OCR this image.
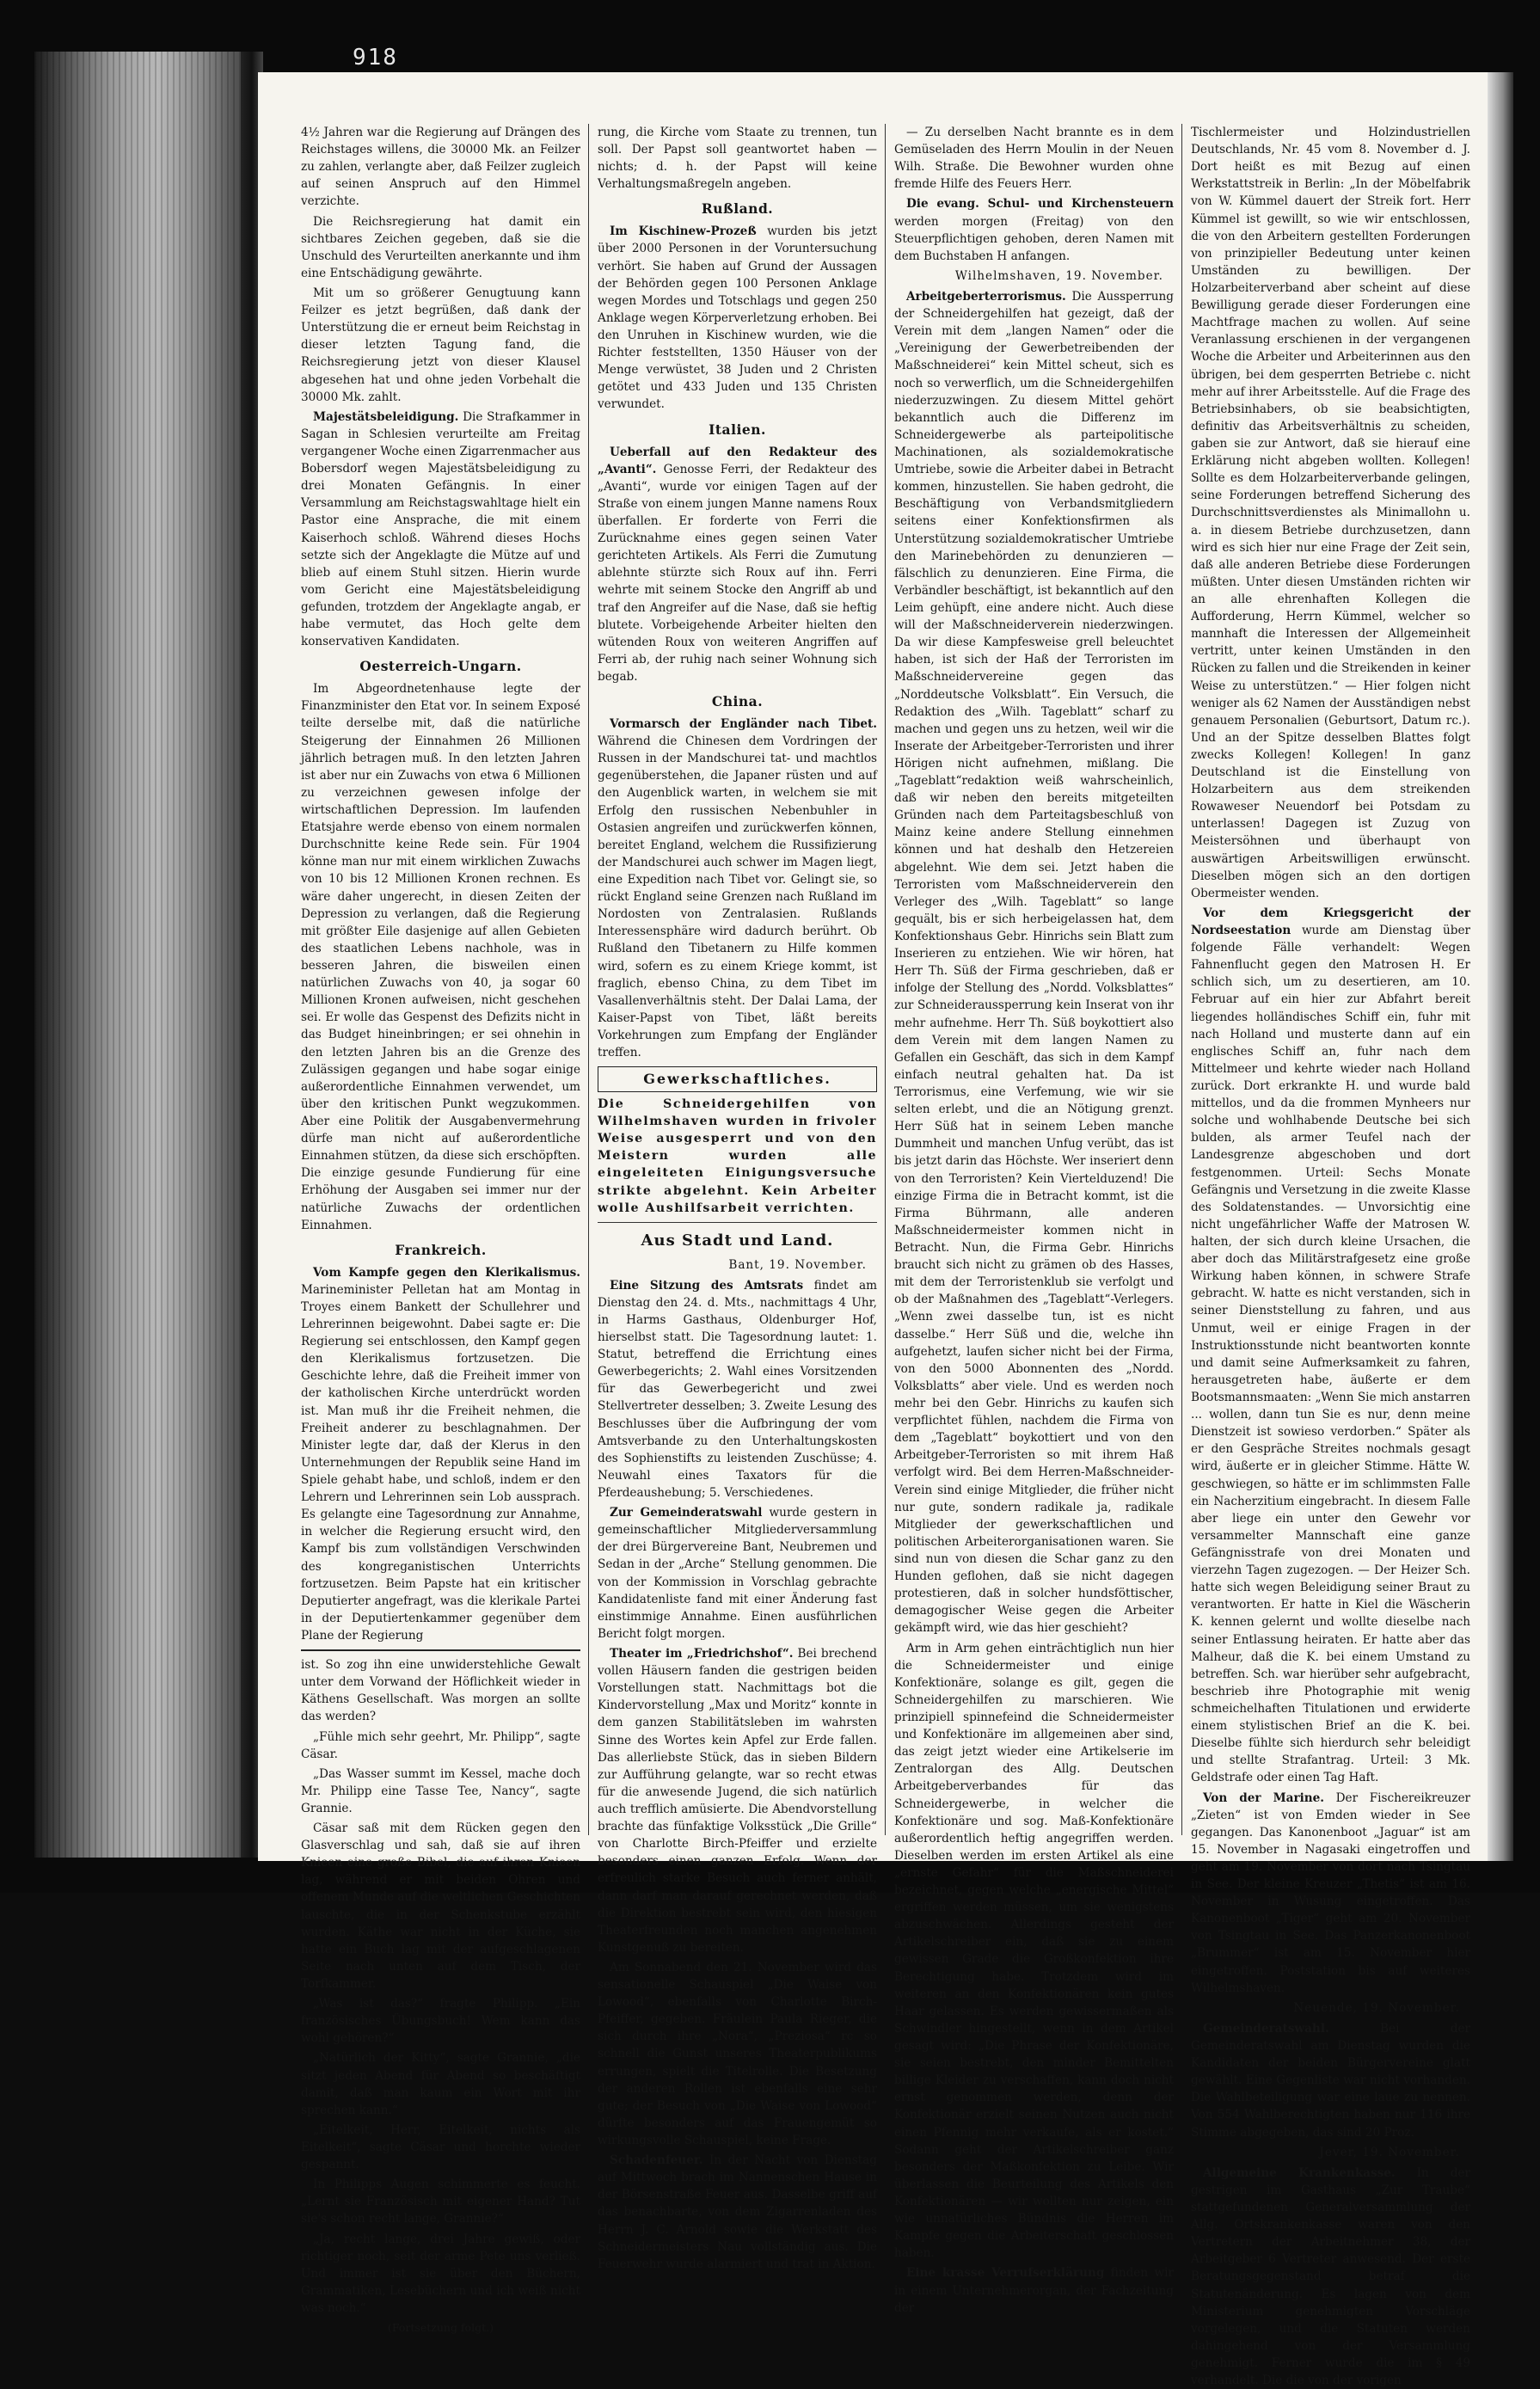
918

4½ Jahren war die Regierung auf Drängen des Reichstages willens, die 30000 Mk. an Feilzer zu zahlen, verlangte aber, daß Feilzer zugleich auf seinen Anspruch auf den Himmel verzichte.

Die Reichsregierung hat damit ein sichtbares Zeichen gegeben, daß sie die Unschuld des Verurteilten anerkannte und ihm eine Entschädigung gewährte.

Mit um so größerer Genugtuung kann Feilzer es jetzt begrüßen, daß dank der Unterstützung die er erneut beim Reichstag in dieser letzten Tagung fand, die Reichsregierung jetzt von dieser Klausel abgesehen hat und ohne jeden Vorbehalt die 30000 Mk. zahlt.

Majestätsbeleidigung. Die Strafkammer in Sagan in Schlesien verurteilte am Freitag vergangener Woche einen Zigarrenmacher aus Bobersdorf wegen Majestätsbeleidigung zu drei Monaten Gefängnis. In einer Versammlung am Reichstagswahltage hielt ein Pastor eine Ansprache, die mit einem Kaiserhoch schloß. Während dieses Hochs setzte sich der Angeklagte die Mütze auf und blieb auf einem Stuhl sitzen. Hierin wurde vom Gericht eine Majestätsbeleidigung gefunden, trotzdem der Angeklagte angab, er habe vermutet, das Hoch gelte dem konservativen Kandidaten.

Oesterreich-Ungarn.

Im Abgeordnetenhause legte der Finanzminister den Etat vor. In seinem Exposé teilte derselbe mit, daß die natürliche Steigerung der Einnahmen 26 Millionen jährlich betragen muß. In den letzten Jahren ist aber nur ein Zuwachs von etwa 6 Millionen zu verzeichnen gewesen infolge der wirtschaftlichen Depression. Im laufenden Etatsjahre werde ebenso von einem normalen Durchschnitte keine Rede sein. Für 1904 könne man nur mit einem wirklichen Zuwachs von 10 bis 12 Millionen Kronen rechnen. Es wäre daher ungerecht, in diesen Zeiten der Depression zu verlangen, daß die Regierung mit größter Eile dasjenige auf allen Gebieten des staatlichen Lebens nachhole, was in besseren Jahren, die bisweilen einen natürlichen Zuwachs von 40, ja sogar 60 Millionen Kronen aufweisen, nicht geschehen sei. Er wolle das Gespenst des Defizits nicht in das Budget hineinbringen; er sei ohnehin in den letzten Jahren bis an die Grenze des Zulässigen gegangen und habe sogar einige außerordentliche Einnahmen verwendet, um über den kritischen Punkt wegzukommen. Aber eine Politik der Ausgabenvermehrung dürfe man nicht auf außerordentliche Einnahmen stützen, da diese sich erschöpften. Die einzige gesunde Fundierung für eine Erhöhung der Ausgaben sei immer nur der natürliche Zuwachs der ordentlichen Einnahmen.

Frankreich.

Vom Kampfe gegen den Klerikalismus. Marineminister Pelletan hat am Montag in Troyes einem Bankett der Schullehrer und Lehrerinnen beigewohnt. Dabei sagte er: Die Regierung sei entschlossen, den Kampf gegen den Klerikalismus fortzusetzen. Die Geschichte lehre, daß die Freiheit immer von der katholischen Kirche unterdrückt worden ist. Man muß ihr die Freiheit nehmen, die Freiheit anderer zu beschlagnahmen. Der Minister legte dar, daß der Klerus in den Unternehmungen der Republik seine Hand im Spiele gehabt habe, und schloß, indem er den Lehrern und Lehrerinnen sein Lob aussprach. Es gelangte eine Tagesordnung zur Annahme, in welcher die Regierung ersucht wird, den Kampf bis zum vollständigen Verschwinden des kongreganistischen Unterrichts fortzusetzen. Beim Papste hat ein kritischer Deputierter angefragt, was die klerikale Partei in der Deputiertenkammer gegenüber dem Plane der Regierung

ist. So zog ihn eine unwiderstehliche Gewalt unter dem Vorwand der Höflichkeit wieder in Käthens Gesellschaft. Was morgen an sollte das werden?

„Fühle mich sehr geehrt, Mr. Philipp“, sagte Cäsar.

„Das Wasser summt im Kessel, mache doch Mr. Philipp eine Tasse Tee, Nancy“, sagte Grannie.

Cäsar saß mit dem Rücken gegen den Glasverschlag und sah, daß sie auf ihren Knieen eine große Bibel, die auf ihren Knieen lag, während er mit beiden Ohren und offenem Munde auf die weltlichen Geschichten lauschte, die in der Schenkstube erzählt wurden. Käthe war nicht in der Küche, sie hatte ein Buch lag mit der aufgeschlagenen Seite nach unten auf dem Tisch, der Torfkammer.

„Was ist das?“ fragte Philipp. „Ein französisches Übungsbuch! Wem kann das wohl gehören?“

„Natürlich der Kitty“, sagte Grannie, „die sitzt jeden Abend für Abend so beschäftigt damit, daß man kaum ein Wort mit ihr sprechen kann.“

„Eitelkeit, Herr, Eitelkeit, nichts als Eitelkeit“, sagte Cäsar und horchte wieder gespannt.

In Philipps Augen schimmerte es feucht. „Lernt sie Französisch mit eigener Hand? Tut sie's schon recht lange, Grannie?“

„Ja, recht lange, drei Jahre gewiß, oder richtiger noch, seit der arme Pete uns verließ. Und immer ist sie über den Büchern, Grammatiken, Lesebüchern und ich weiß nicht was noch.“

(Fortsetzung folgt.)

rung, die Kirche vom Staate zu trennen, tun soll. Der Papst soll geantwortet haben — nichts; d. h. der Papst will keine Verhaltungsmaßregeln angeben.

Rußland.

Im Kischinew-Prozeß wurden bis jetzt über 2000 Personen in der Voruntersuchung verhört. Sie haben auf Grund der Aussagen der Behörden gegen 100 Personen Anklage wegen Mordes und Totschlags und gegen 250 Anklage wegen Körperverletzung erhoben. Bei den Unruhen in Kischinew wurden, wie die Richter feststellten, 1350 Häuser von der Menge verwüstet, 38 Juden und 2 Christen getötet und 433 Juden und 135 Christen verwundet.

Italien.

Ueberfall auf den Redakteur des „Avanti“. Genosse Ferri, der Redakteur des „Avanti“, wurde vor einigen Tagen auf der Straße von einem jungen Manne namens Roux überfallen. Er forderte von Ferri die Zurücknahme eines gegen seinen Vater gerichteten Artikels. Als Ferri die Zumutung ablehnte stürzte sich Roux auf ihn. Ferri wehrte mit seinem Stocke den Angriff ab und traf den Angreifer auf die Nase, daß sie heftig blutete. Vorbeigehende Arbeiter hielten den wütenden Roux von weiteren Angriffen auf Ferri ab, der ruhig nach seiner Wohnung sich begab.

China.

Vormarsch der Engländer nach Tibet. Während die Chinesen dem Vordringen der Russen in der Mandschurei tat- und machtlos gegenüberstehen, die Japaner rüsten und auf den Augenblick warten, in welchem sie mit Erfolg den russischen Nebenbuhler in Ostasien angreifen und zurückwerfen können, bereitet England, welchem die Russifizierung der Mandschurei auch schwer im Magen liegt, eine Expedition nach Tibet vor. Gelingt sie, so rückt England seine Grenzen nach Rußland im Nordosten von Zentralasien. Rußlands Interessensphäre wird dadurch berührt. Ob Rußland den Tibetanern zu Hilfe kommen wird, sofern es zu einem Kriege kommt, ist fraglich, ebenso China, zu dem Tibet im Vasallenverhältnis steht. Der Dalai Lama, der Kaiser-Papst von Tibet, läßt bereits Vorkehrungen zum Empfang der Engländer treffen.

Gewerkschaftliches.
Die Schneidergehilfen von Wilhelmshaven wurden in frivoler Weise ausgesperrt und von den Meistern wurden alle eingeleiteten Einigungsversuche strikte abgelehnt. Kein Arbeiter wolle Aushilfsarbeit verrichten.
Aus Stadt und Land.
Bant, 19. November.

Eine Sitzung des Amtsrats findet am Dienstag den 24. d. Mts., nachmittags 4 Uhr, in Harms Gasthaus, Oldenburger Hof, hierselbst statt. Die Tagesordnung lautet: 1. Statut, betreffend die Errichtung eines Gewerbegerichts; 2. Wahl eines Vorsitzenden für das Gewerbegericht und zwei Stellvertreter desselben; 3. Zweite Lesung des Beschlusses über die Aufbringung der vom Amtsverbande zu den Unterhaltungskosten des Sophienstifts zu leistenden Zuschüsse; 4. Neuwahl eines Taxators für die Pferdeaushebung; 5. Verschiedenes.

Zur Gemeinderatswahl wurde gestern in gemeinschaftlicher Mitgliederversammlung der drei Bürgervereine Bant, Neubremen und Sedan in der „Arche“ Stellung genommen. Die von der Kommission in Vorschlag gebrachte Kandidatenliste fand mit einer Änderung fast einstimmige Annahme. Einen ausführlichen Bericht folgt morgen.

Theater im „Friedrichshof“. Bei brechend vollen Häusern fanden die gestrigen beiden Vorstellungen statt. Nachmittags bot die Kindervorstellung „Max und Moritz“ konnte in dem ganzen Stabilitätsleben im wahrsten Sinne des Wortes kein Apfel zur Erde fallen. Das allerliebste Stück, das in sieben Bildern zur Aufführung gelangte, war so recht etwas für die anwesende Jugend, die sich natürlich auch trefflich amüsierte. Die Abendvorstellung brachte das fünfaktige Volksstück „Die Grille“ von Charlotte Birch-Pfeiffer und erzielte besonders einen ganzen Erfolg. Wenn der erfreulich starke Besuch auch ferner anhält, dann darf man darauf gerechnet werden, daß die Direktion bestrebt sein wird, den hiesigen Theaterfreunden noch manchen angenehmen Kunstgenuß zu bereiten.

Am Sonnabend den 21. November wird das sensationelle Schauspiel „Die Waise von Lowood“, ebenfalls von Charlotte Birch-Pfeiffer, gegeben. Fräulein Paula Rieger, die sich durch ihre „Nora“, „Preziosa“ rc so schnell die Gunst unseres Theaterpublikums errungen, spielt die Titelrolle. Die Besetzung der anderen Rollen ist ebenfalls eine sehr gute; der Besuch von „Die Waise von Lowood“ dürfte besonders auf das Frauengemüt so wirkungsvolle Schauspiel, keine Frage.

Schadenfeuer. In der Nacht von Dienstag auf Mittwoch brach im Nannenschen Hause in der Börsenstraße Feuer aus. Dasselbe griff auf das benachbarte, von dem Zigarrenladen des Herrn J. C. Arnold sowie die Werkstatt des Schneidermeisters Nau vollständig aus. Die Feuerwehr wurde alarmiert und trat in Aktion.

— Zu derselben Nacht brannte es in dem Gemüseladen des Herrn Moulin in der Neuen Wilh. Straße. Die Bewohner wurden ohne fremde Hilfe des Feuers Herr.

Die evang. Schul- und Kirchensteuern werden morgen (Freitag) von den Steuerpflichtigen gehoben, deren Namen mit dem Buchstaben H anfangen.

Wilhelmshaven, 19. November.

Arbeitgeberterrorismus. Die Aussperrung der Schneidergehilfen hat gezeigt, daß der Verein mit dem „langen Namen“ oder die „Vereinigung der Gewerbetreibenden der Maßschneiderei“ kein Mittel scheut, sich es noch so verwerflich, um die Schneidergehilfen niederzuzwingen. Zu diesem Mittel gehört bekanntlich auch die Differenz im Schneidergewerbe als parteipolitische Machinationen, als sozialdemokratische Umtriebe, sowie die Arbeiter dabei in Betracht kommen, hinzustellen. Sie haben gedroht, die Beschäftigung von Verbandsmitgliedern seitens einer Konfektionsfirmen als Unterstützung sozialdemokratischer Umtriebe den Marinebehörden zu denunzieren — fälschlich zu denunzieren. Eine Firma, die Verbändler beschäftigt, ist bekanntlich auf den Leim gehüpft, eine andere nicht. Auch diese will der Maßschneiderverein niederzwingen. Da wir diese Kampfesweise grell beleuchtet haben, ist sich der Haß der Terroristen im Maßschneidervereine gegen das „Norddeutsche Volksblatt“. Ein Versuch, die Redaktion des „Wilh. Tageblatt“ scharf zu machen und gegen uns zu hetzen, weil wir die Inserate der Arbeitgeber-Terroristen und ihrer Hörigen nicht aufnehmen, mißlang. Die „Tageblatt“redaktion weiß wahrscheinlich, daß wir neben den bereits mitgeteilten Gründen nach dem Parteitagsbeschluß von Mainz keine andere Stellung einnehmen können und hat deshalb den Hetzereien abgelehnt. Wie dem sei. Jetzt haben die Terroristen vom Maßschneiderverein den Verleger des „Wilh. Tageblatt“ so lange gequält, bis er sich herbeigelassen hat, dem Konfektionshaus Gebr. Hinrichs sein Blatt zum Inserieren zu entziehen. Wie wir hören, hat Herr Th. Süß der Firma geschrieben, daß er infolge der Stellung des „Nordd. Volksblattes“ zur Schneideraussperrung kein Inserat von ihr mehr aufnehme. Herr Th. Süß boykottiert also dem Verein mit dem langen Namen zu Gefallen ein Geschäft, das sich in dem Kampf einfach neutral gehalten hat. Da ist Terrorismus, eine Verfemung, wie wir sie selten erlebt, und die an Nötigung grenzt. Herr Süß hat in seinem Leben manche Dummheit und manchen Unfug verübt, das ist bis jetzt darin das Höchste. Wer inseriert denn von den Terroristen? Kein Viertelduzend! Die einzige Firma die in Betracht kommt, ist die Firma Bührmann, alle anderen Maßschneidermeister kommen nicht in Betracht. Nun, die Firma Gebr. Hinrichs braucht sich nicht zu grämen ob des Hasses, mit dem der Terroristenklub sie verfolgt und ob der Maßnahmen des „Tageblatt“-Verlegers. „Wenn zwei dasselbe tun, ist es nicht dasselbe.“ Herr Süß und die, welche ihn aufgehetzt, laufen sicher nicht bei der Firma, von den 5000 Abonnenten des „Nordd. Volksblatts“ aber viele. Und es werden noch mehr bei den Gebr. Hinrichs zu kaufen sich verpflichtet fühlen, nachdem die Firma von dem „Tageblatt“ boykottiert und von den Arbeitgeber-Terroristen so mit ihrem Haß verfolgt wird. Bei dem Herren-Maßschneider-Verein sind einige Mitglieder, die früher nicht nur gute, sondern radikale ja, radikale Mitglieder der gewerkschaftlichen und politischen Arbeiterorganisationen waren. Sie sind nun von diesen die Schar ganz zu den Hunden geflohen, daß sie nicht dagegen protestieren, daß in solcher hundsföttischer, demagogischer Weise gegen die Arbeiter gekämpft wird, wie das hier geschieht?

Arm in Arm gehen einträchtiglich nun hier die Schneidermeister und einige Konfektionäre, solange es gilt, gegen die Schneidergehilfen zu marschieren. Wie prinzipiell spinnefeind die Schneidermeister und Konfektionäre im allgemeinen aber sind, das zeigt jetzt wieder eine Artikelserie im Zentralorgan des Allg. Deutschen Arbeitgeberverbandes für das Schneidergewerbe, in welcher die Konfektionäre und sog. Maß-Konfektionäre außerordentlich heftig angegriffen werden. Dieselben werden im ersten Artikel als eine „ernste Gefahr“ für die Maßschneiderei bezeichnet, gegen welche „energische Mittel“ ergriffen werden müssen, um sie wenigstens abzuschwächen. Allerdings gesteht der Artikelschreiber ein, daß sie zu einem gewissen Grade die Großkonfektion ihre Berechtigung habe. Trotzdem wird im weiteren an den Konfektionären kein gutes Haar gelassen. Es werden gewissermaßen als Schwindler hingestellt, wenn in dem Artikel gesagt wird: „Die Phrase der Konfektionäre, sie seien bestrebt, den minder Bemittelten billige Kleider zu verschaffen, kann doch nicht ernst genommen werden, denn der Konfektionär erzielt seinen Nutzen auch nicht einen Pfennig mehr verkaufe, als er kostet.“ Sodann geht der Artikelschreiber ganz besonders der Maßkonfektion zu Leibe. Wir überlassen die Beurteilung des Artikels den Konfektionären — wir wollten nur zeigen, ein wie unnatürliches Bündnis die Herren im Kampfe gegen die Arbeiterschaft geschlossen haben.

Eine krasse Verrufserklärung finden wir in einem Unternehmerorgan, der Fachzeitung der

Tischlermeister und Holzindustriellen Deutschlands, Nr. 45 vom 8. November d. J. Dort heißt es mit Bezug auf einen Werkstattstreik in Berlin: „In der Möbelfabrik von W. Kümmel dauert der Streik fort. Herr Kümmel ist gewillt, so wie wir entschlossen, die von den Arbeitern gestellten Forderungen von prinzipieller Bedeutung unter keinen Umständen zu bewilligen. Der Holzarbeiterverband aber scheint auf diese Bewilligung gerade dieser Forderungen eine Machtfrage machen zu wollen. Auf seine Veranlassung erschienen in der vergangenen Woche die Arbeiter und Arbeiterinnen aus den übrigen, bei dem gesperrten Betriebe c. nicht mehr auf ihrer Arbeitsstelle. Auf die Frage des Betriebsinhabers, ob sie beabsichtigten, definitiv das Arbeitsverhältnis zu scheiden, gaben sie zur Antwort, daß sie hierauf eine Erklärung nicht abgeben wollten. Kollegen! Sollte es dem Holzarbeiterverbande gelingen, seine Forderungen betreffend Sicherung des Durchschnittsverdienstes als Minimallohn u. a. in diesem Betriebe durchzusetzen, dann wird es sich hier nur eine Frage der Zeit sein, daß alle anderen Betriebe diese Forderungen müßten. Unter diesen Umständen richten wir an alle ehrenhaften Kollegen die Aufforderung, Herrn Kümmel, welcher so mannhaft die Interessen der Allgemeinheit vertritt, unter keinen Umständen in den Rücken zu fallen und die Streikenden in keiner Weise zu unterstützen.“ — Hier folgen nicht weniger als 62 Namen der Ausständigen nebst genauem Personalien (Geburtsort, Datum rc.). Und an der Spitze desselben Blattes folgt zwecks Kollegen! Kollegen! In ganz Deutschland ist die Einstellung von Holzarbeitern aus dem streikenden Rowaweser Neuendorf bei Potsdam zu unterlassen! Dagegen ist Zuzug von Meistersöhnen und überhaupt von auswärtigen Arbeitswilligen erwünscht. Dieselben mögen sich an den dortigen Obermeister wenden.

Vor dem Kriegsgericht der Nordseestation wurde am Dienstag über folgende Fälle verhandelt: Wegen Fahnenflucht gegen den Matrosen H. Er schlich sich, um zu desertieren, am 10. Februar auf ein hier zur Abfahrt bereit liegendes holländisches Schiff ein, fuhr mit nach Holland und musterte dann auf ein englisches Schiff an, fuhr nach dem Mittelmeer und kehrte wieder nach Holland zurück. Dort erkrankte H. und wurde bald mittellos, und da die frommen Mynheers nur solche und wohlhabende Deutsche bei sich bulden, als armer Teufel nach der Landesgrenze abgeschoben und dort festgenommen. Urteil: Sechs Monate Gefängnis und Versetzung in die zweite Klasse des Soldatenstandes. — Unvorsichtig eine nicht ungefährlicher Waffe der Matrosen W. halten, der sich durch kleine Ursachen, die aber doch das Militärstrafgesetz eine große Wirkung haben können, in schwere Strafe gebracht. W. hatte es nicht verstanden, sich in seiner Dienststellung zu fahren, und aus Unmut, weil er einige Fragen in der Instruktionsstunde nicht beantworten konnte und damit seine Aufmerksamkeit zu fahren, herausgetreten habe, äußerte er dem Bootsmannsmaaten: „Wenn Sie mich anstarren ... wollen, dann tun Sie es nur, denn meine Dienstzeit ist sowieso verdorben.“ Später als er den Gespräche Streites nochmals gesagt wird, äußerte er in gleicher Stimme. Hätte W. geschwiegen, so hätte er im schlimmsten Falle ein Nacherzitium eingebracht. In diesem Falle aber liege ein unter den Gewehr vor versammelter Mannschaft eine ganze Gefängnisstrafe von drei Monaten und vierzehn Tagen zugezogen. — Der Heizer Sch. hatte sich wegen Beleidigung seiner Braut zu verantworten. Er hatte in Kiel die Wäscherin K. kennen gelernt und wollte dieselbe nach seiner Entlassung heiraten. Er hatte aber das Malheur, daß die K. bei einem Umstand zu betreffen. Sch. war hierüber sehr aufgebracht, beschrieb ihre Photographie mit wenig schmeichelhaften Titulationen und erwiderte einem stylistischen Brief an die K. bei. Dieselbe fühlte sich hierdurch sehr beleidigt und stellte Strafantrag. Urteil: 3 Mk. Geldstrafe oder einen Tag Haft.

Von der Marine. Der Fischereikreuzer „Zieten“ ist von Emden wieder in See gegangen. Das Kanonenboot „Jaguar“ ist am 15. November in Nagasaki eingetroffen und geht am 19. November von dort nach Tsingtau in See. Der kleine Kreuzer „Thetis“ ist am 16. November in Wusung eingetroffen. Das Kanonenboot „Tiger“ geht am 20. November von Tsingtau in See. Das Panzerkanonenboot „Brummer“ ist am 15. November hier eingetroffen. Poststation bis auf weiteres Wilhelmshaven.

Neuende, 19. November.

Gemeinderatswahl.	Bei der Gemeinderatswahl am Dienstag wurden die Kandidaten der beiden Bürgervereine glatt gewählt. Eine Gegenliste war nicht vorhanden. Die Wahlbeteiligung war eine laue zu nennen. Von 554 Wahlberechtigten haben nur 116 ihre Stimme abgegeben, das sind 20 Proz.

Jever, 19. November.

Allgemeine Krankenkasse. In der gestrigen im Gasthaus „Zur Traube“ stattgefundenen Generalversammlung der Allg. Ortskrankenkasse waren von den Vertretern der Arbeitnehmer 38, der Arbeitgeber 6 Vertreter anwesend. Der erste Beratungsgegenstand betraf die Statutenänderung. Es lagen von dem Ministerium genehmigten Vorschläge vorgelegen, und die Statuten werden dahingehend von der Versammlung genehmigt. Ferner wurde die im § 49 verhandelt. Die die von der vorigen
